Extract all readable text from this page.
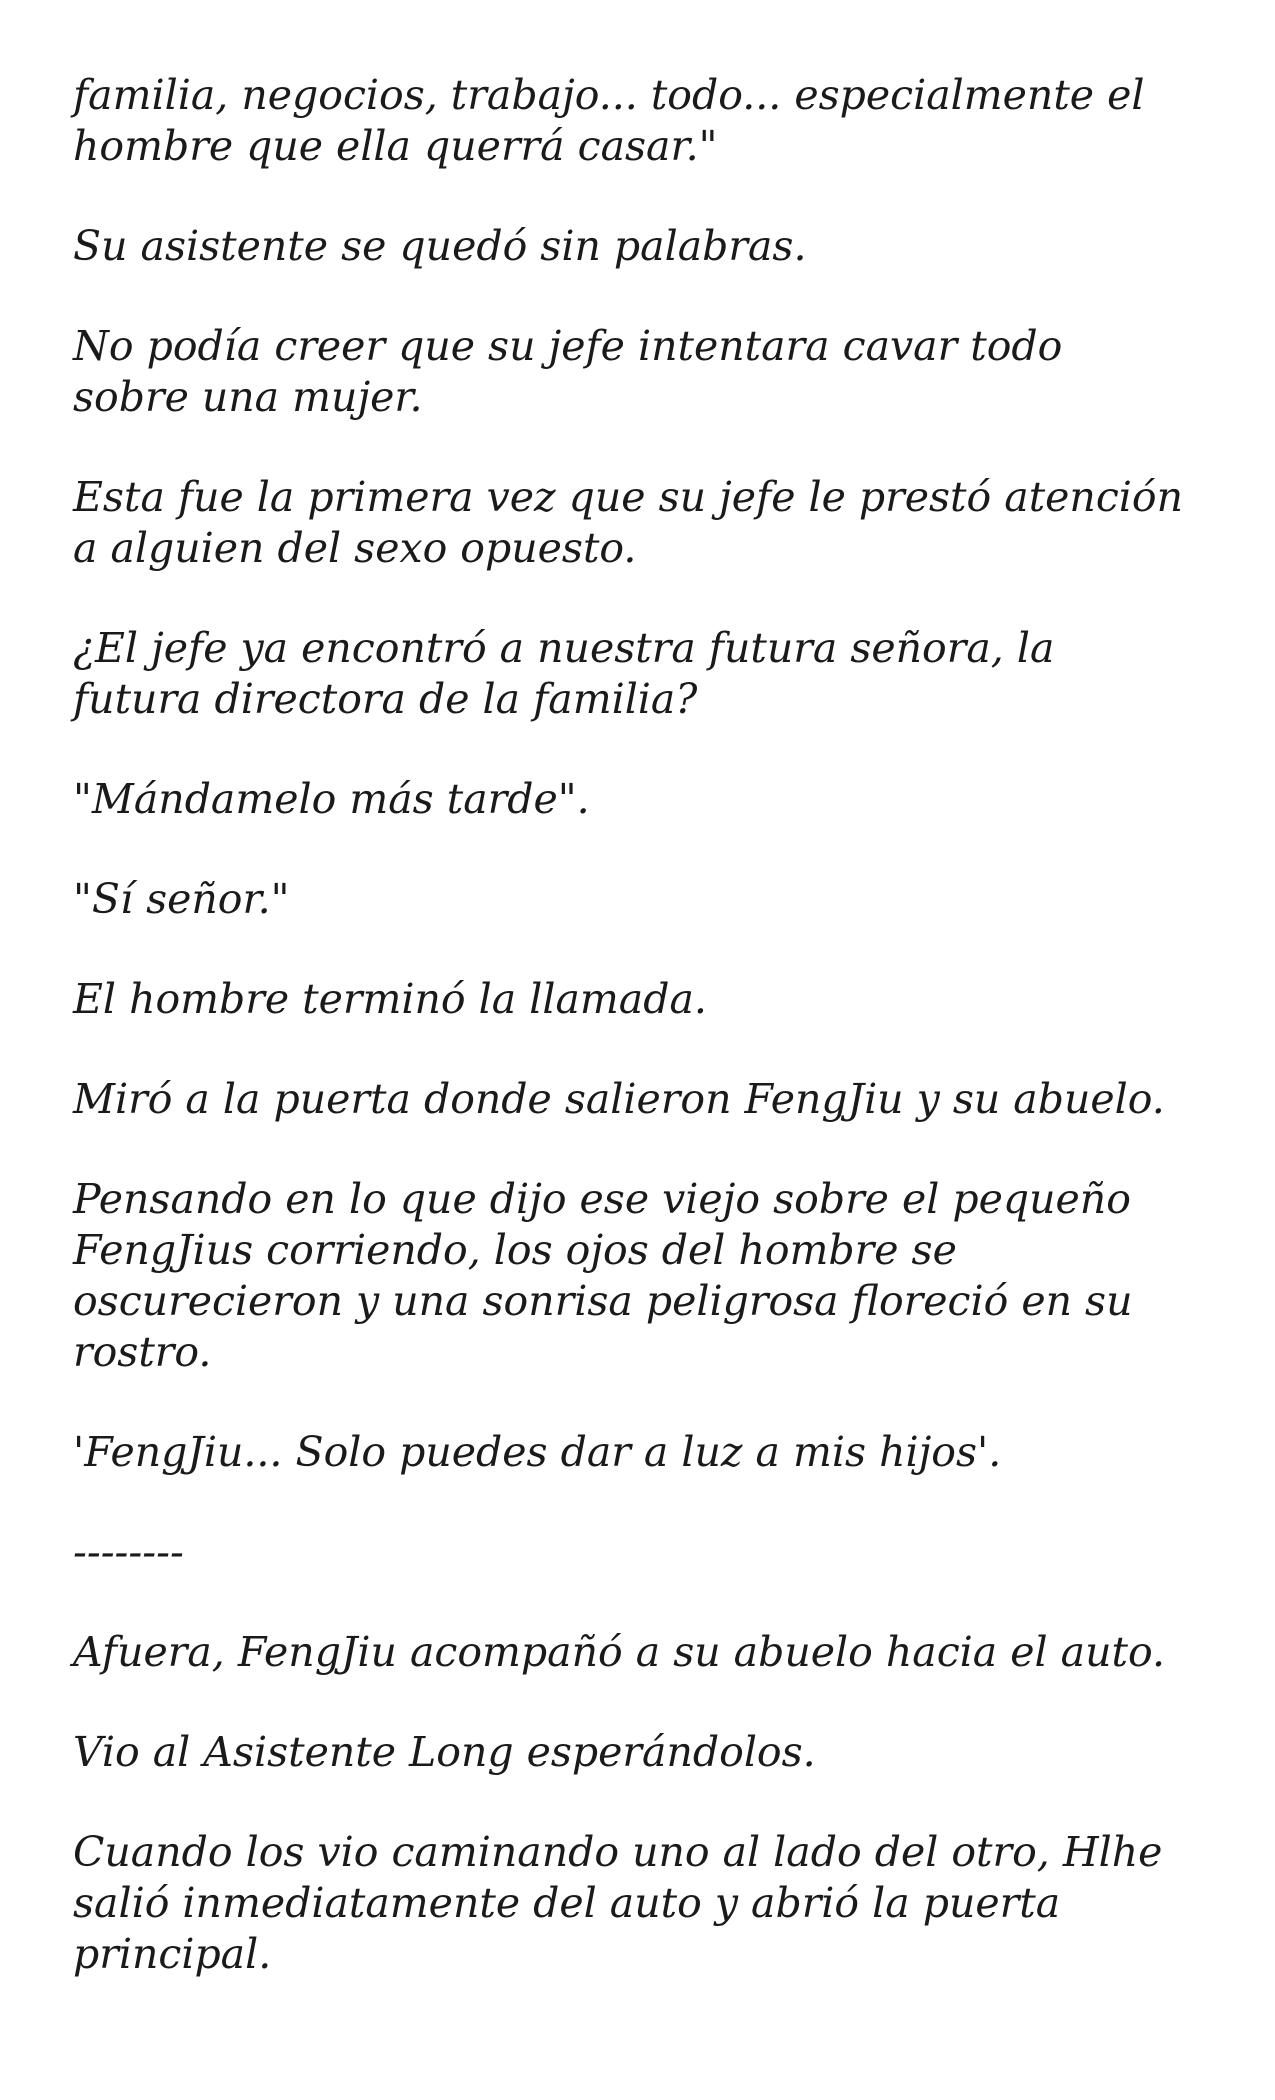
familia, negocios, trabajo... todo... especialmente el
hombre que ella querrá casar."

Su asistente se quedó sin palabras.

No podía creer que su jefe intentara cavar todo
sobre una mujer.

Esta fue la primera vez que su jefe le prestó atención
a alguien del sexo opuesto.

¿El jefe ya encontró a nuestra futura señora, la
futura directora de la familia?

"Mándamelo más tarde".

"Sí señor."

El hombre terminó la llamada.

Miró a la puerta donde salieron FengJiu y su abuelo.

Pensando en lo que dijo ese viejo sobre el pequeño
FengJius corriendo, los ojos del hombre se
oscurecieron y una sonrisa peligrosa floreció en su
rostro.

'FengJiu... Solo puedes dar a luz a mis hijos'.

--------

Afuera, FengJiu acompañó a su abuelo hacia el auto.

Vio al Asistente Long esperándolos.

Cuando los vio caminando uno al lado del otro, Hlhe
salió inmediatamente del auto y abrió la puerta
principal.
